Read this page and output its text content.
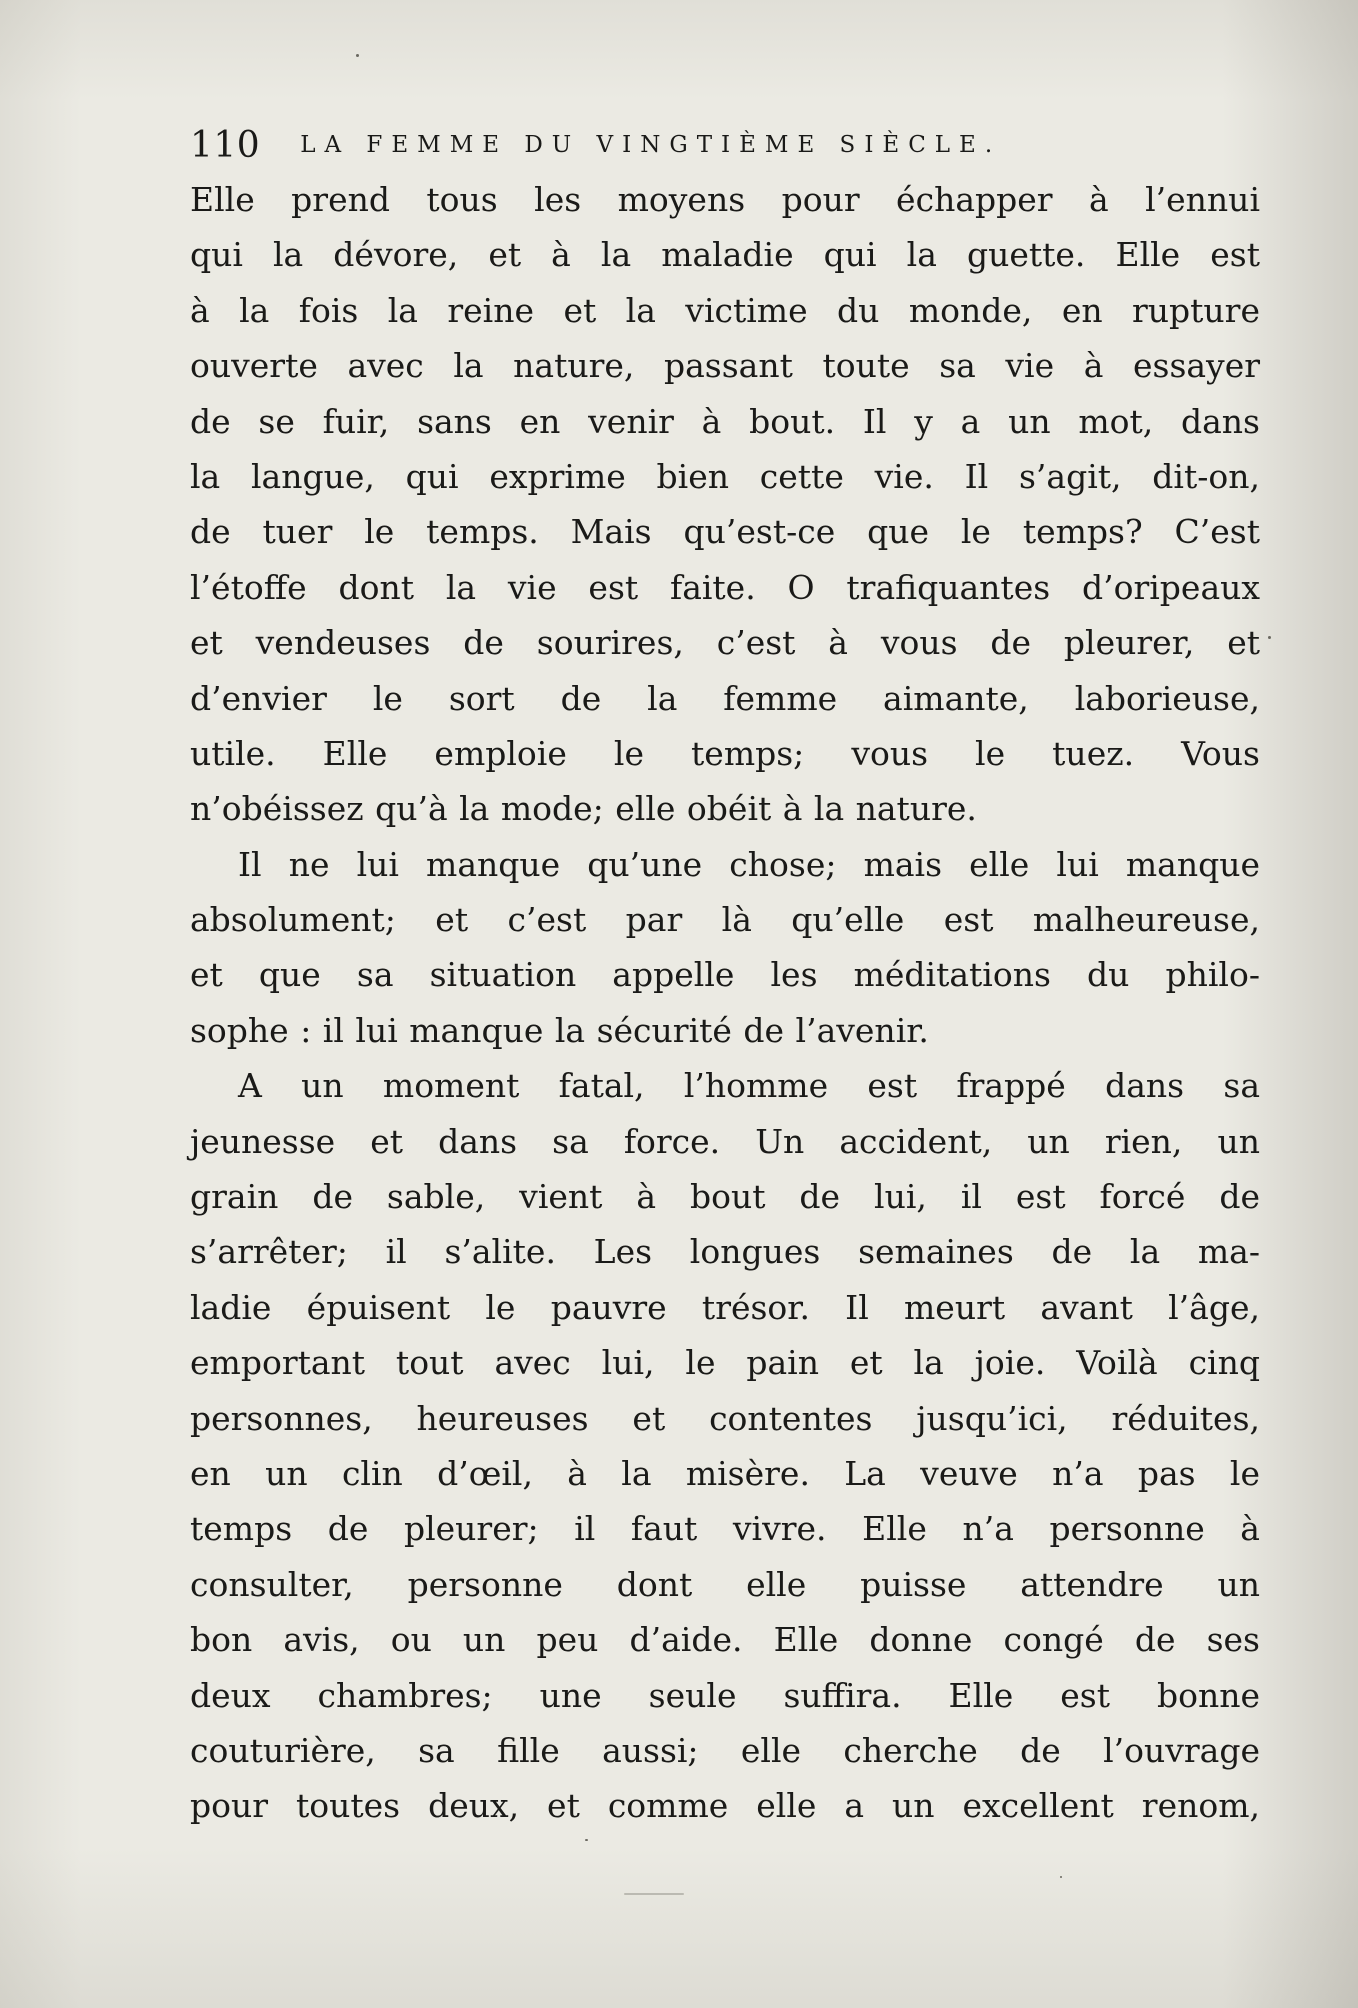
110 LA FEMME DU VINGTIÈME SIÈCLE.
Elle prend tous les moyens pour échapper à l’ennui
qui la dévore, et à la maladie qui la guette. Elle est
à la fois la reine et la victime du monde, en rupture
ouverte avec la nature, passant toute sa vie à essayer
de se fuir, sans en venir à bout. Il y a un mot, dans
la langue, qui exprime bien cette vie. Il s’agit, dit-on,
de tuer le temps. Mais qu’est-ce que le temps? C’est
l’étoffe dont la vie est faite. O trafiquantes d’oripeaux
et vendeuses de sourires, c’est à vous de pleurer, et
d’envier le sort de la femme aimante, laborieuse,
utile. Elle emploie le temps; vous le tuez. Vous
n’obéissez qu’à la mode; elle obéit à la nature.
Il ne lui manque qu’une chose; mais elle lui manque
absolument; et c’est par là qu’elle est malheureuse,
et que sa situation appelle les méditations du philo-
sophe : il lui manque la sécurité de l’avenir.
A un moment fatal, l’homme est frappé dans sa
jeunesse et dans sa force. Un accident, un rien, un
grain de sable, vient à bout de lui, il est forcé de
s’arrêter; il s’alite. Les longues semaines de la ma-
ladie épuisent le pauvre trésor. Il meurt avant l’âge,
emportant tout avec lui, le pain et la joie. Voilà cinq
personnes, heureuses et contentes jusqu’ici, réduites,
en un clin d’œil, à la misère. La veuve n’a pas le
temps de pleurer; il faut vivre. Elle n’a personne à
consulter, personne dont elle puisse attendre un
bon avis, ou un peu d’aide. Elle donne congé de ses
deux chambres; une seule suffira. Elle est bonne
couturière, sa fille aussi; elle cherche de l’ouvrage
pour toutes deux, et comme elle a un excellent renom,
